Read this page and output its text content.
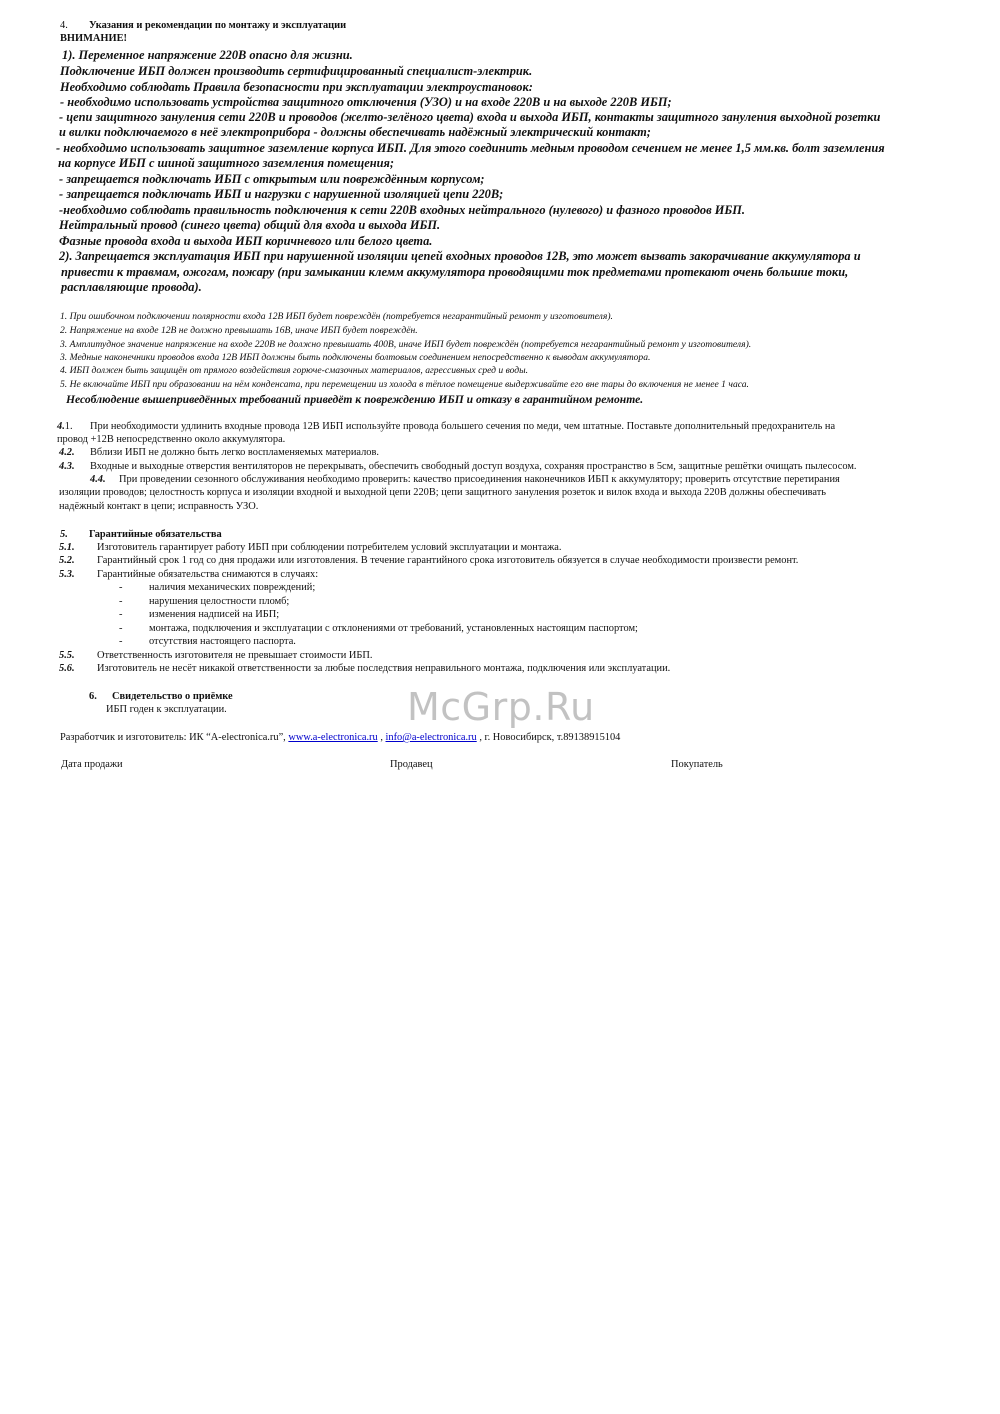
4. Указания и рекомендации по монтажу и эксплуатации
ВНИМАНИЕ!
1). Переменное напряжение 220В опасно для жизни.
Подключение ИБП должен производить сертифицированный специалист-электрик.
Необходимо соблюдать Правила безопасности при эксплуатации электроустановок:
- необходимо использовать устройства защитного отключения (УЗО) и на входе 220В и на выходе 220В ИБП;
- цепи защитного зануления сети 220В и проводов (желто-зелёного цвета) входа и выхода ИБП, контакты защитного зануления выходной розетки
и вилки подключаемого в неё электроприбора - должны обеспечивать надёжный электрический контакт;
- необходимо использовать защитное заземление корпуса ИБП. Для этого соединить медным проводом сечением не менее 1,5 мм.кв. болт заземления
на корпусе ИБП с шиной защитного заземления помещения;
- запрещается подключать ИБП с открытым или повреждённым корпусом;
- запрещается подключать ИБП и нагрузки с нарушенной изоляцией цепи 220В;
-необходимо соблюдать правильность подключения к сети 220В входных нейтрального (нулевого) и фазного проводов ИБП.
Нейтральный провод (синего цвета) общий для входа и выхода ИБП.
Фазные провода входа и выхода ИБП коричневого или белого цвета.
2). Запрещается эксплуатация ИБП при нарушенной изоляции цепей входных проводов 12В, это может вызвать закорачивание аккумулятора и
привести к травмам, ожогам, пожару (при замыкании клемм аккумулятора проводящими ток предметами протекают очень большие токи,
расплавляющие провода).
1. При ошибочном подключении полярности входа 12В ИБП будет повреждён (потребуется негарантийный ремонт у изготовителя).
2. Напряжение на входе 12В не должно превышать 16В, иначе ИБП будет повреждён.
3. Амплитудное значение напряжение на входе 220В не должно превышать 400В, иначе ИБП будет повреждён (потребуется негарантийный ремонт у изготовителя).
3. Медные наконечники проводов входа 12В ИБП должны быть подключены болтовым соединением непосредственно к выводам аккумулятора.
4. ИБП должен быть защищён от прямого воздействия горюче-смазочных материалов, агрессивных сред и воды.
5. Не включайте ИБП при образовании на нём конденсата, при перемещении из холода в тёплое помещение выдерживайте его вне тары до включения не менее 1 часа.
Несоблюдение вышеприведённых требований приведёт к повреждению ИБП и отказу в гарантийном ремонте.
4.1. При необходимости удлинить входные провода 12В ИБП используйте провода большего сечения по меди, чем штатные. Поставьте дополнительный предохранитель на
провод +12В непосредственно около аккумулятора.
4.2. Вблизи ИБП не должно быть легко воспламеняемых материалов.
4.3. Входные и выходные отверстия вентиляторов не перекрывать, обеспечить свободный доступ воздуха, сохраняя пространство в 5см, защитные решётки очищать пылесосом.
4.4. При проведении сезонного обслуживания необходимо проверить: качество присоединения наконечников ИБП к аккумулятору; проверить отсутствие перетирания
изоляции проводов; целостность корпуса и изоляции входной и выходной цепи 220В; цепи защитного зануления розеток и вилок входа и выхода 220В должны обеспечивать
надёжный контакт в цепи; исправность УЗО.
5. Гарантийные обязательства
5.1. Изготовитель гарантирует работу ИБП при соблюдении потребителем условий эксплуатации и монтажа.
5.2. Гарантийный срок 1 год со дня продажи или изготовления. В течение гарантийного срока изготовитель обязуется в случае необходимости произвести ремонт.
5.3. Гарантийные обязательства снимаются в случаях:
-	наличия механических повреждений;
-	нарушения целостности пломб;
-	изменения надписей на ИБП;
-	монтажа, подключения и эксплуатации с отклонениями от требований, установленных настоящим паспортом;
-	отсутствия настоящего паспорта.
5.5. Ответственность изготовителя не превышает стоимости ИБП.
5.6. Изготовитель не несёт никакой ответственности за любые последствия неправильного монтажа, подключения или эксплуатации.
6. Свидетельство о приёмке
ИБП годен к эксплуатации.	McGrp.Ru
Разработчик и изготовитель: ИК “A-electronica.ru”, www.a-electronica.ru , info@a-electronica.ru , г. Новосибирск, т.89138915104
Дата продажи	Продавец	Покупатель
